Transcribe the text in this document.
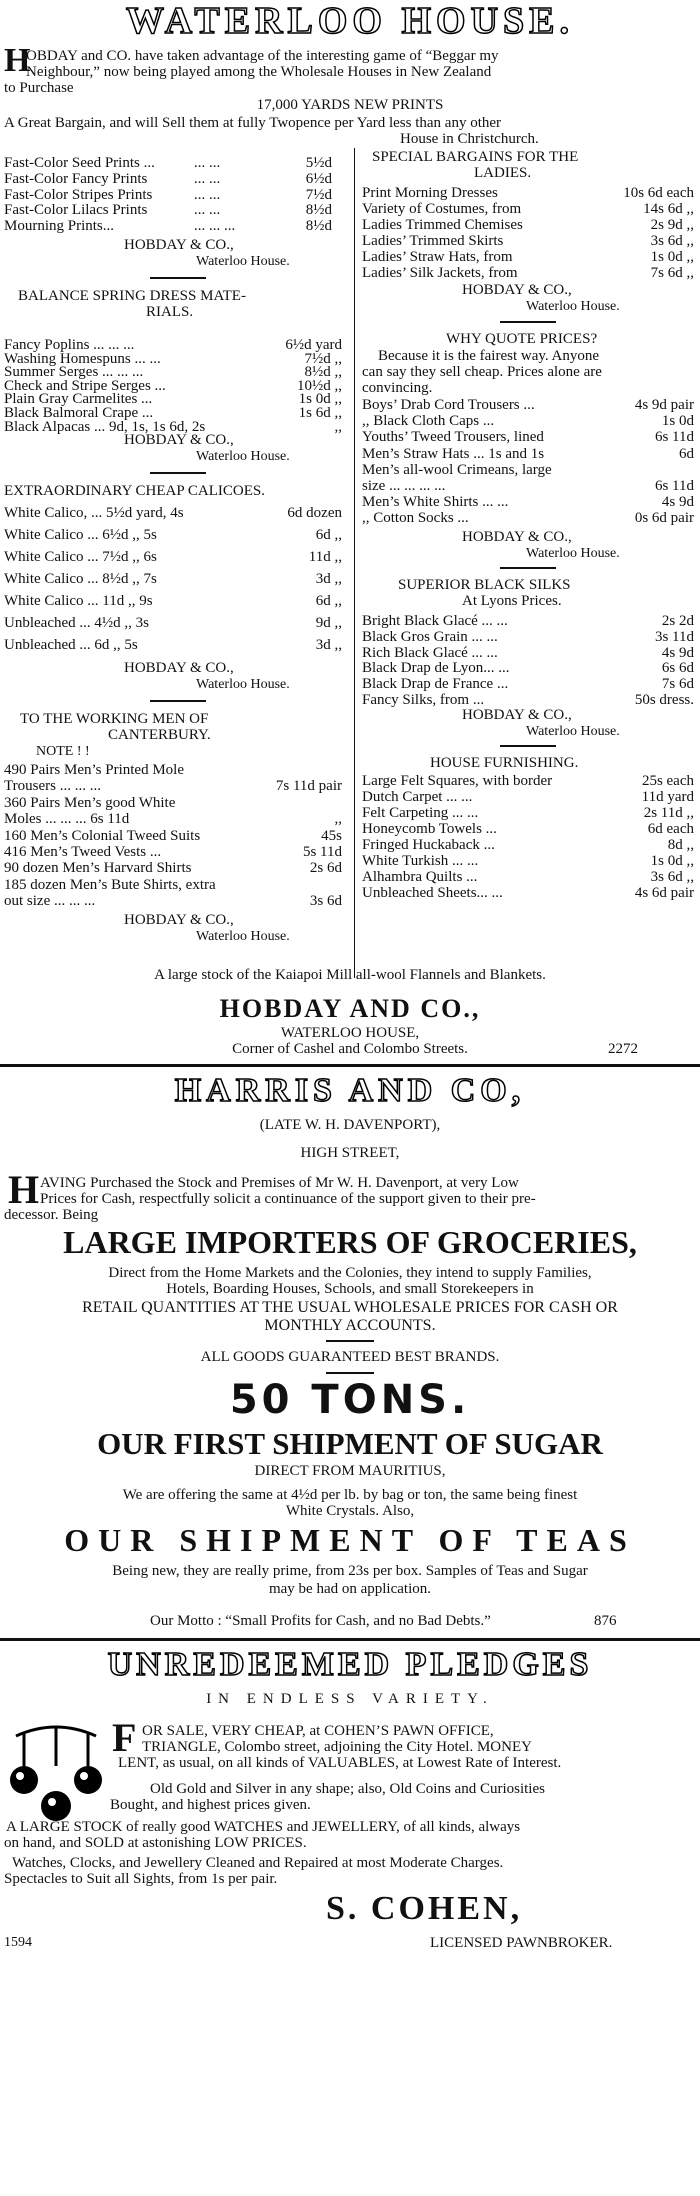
WATERLOO HOUSE.
H
OBDAY and CO. have taken advantage of the interesting game of “Beggar my
Neighbour,” now being played among the Wholesale Houses in New Zealand
to Purchase
17,000 YARDS NEW PRINTS
A Great Bargain, and will Sell them at fully Twopence per Yard less than any other
House in Christchurch.
Fast-Color Seed Prints ...	... ...	5½d
Fast-Color Fancy Prints	... ...	6½d
Fast-Color Stripes Prints	... ...	7½d
Fast-Color Lilacs Prints	... ...	8½d
Mourning Prints...	... ... ...	8½d
HOBDAY & CO.,
Waterloo House.
BALANCE SPRING DRESS MATE-
RIALS.
Fancy Poplins ... ... ...	6½d yard
Washing Homespuns ... ...	7½d ,,
Summer Serges ... ... ...	8½d ,,
Check and Stripe Serges ...	10½d ,,
Plain Gray Carmelites ...	1s 0d ,,
Black Balmoral Crape ...	1s 6d ,,
Black Alpacas ... 9d, 1s, 1s 6d, 2s	,,
HOBDAY & CO.,
Waterloo House.
EXTRAORDINARY CHEAP CALICOES.
White Calico, ... 5½d yard, 4s	6d dozen
White Calico ... 6½d ,, 5s	6d ,,
White Calico ... 7½d ,, 6s	11d ,,
White Calico ... 8½d ,, 7s	3d ,,
White Calico ... 11d ,, 9s	6d ,,
Unbleached ... 4½d ,, 3s	9d ,,
Unbleached ... 6d ,, 5s	3d ,,
HOBDAY & CO.,
Waterloo House.
TO THE WORKING MEN OF
CANTERBURY.
NOTE ! !
490 Pairs Men’s Printed Mole
Trousers ... ... ...	7s 11d pair
360 Pairs Men’s good White
Moles ... ... ... 6s 11d	,,
160 Men’s Colonial Tweed Suits	45s
416 Men’s Tweed Vests ...	5s 11d
90 dozen Men’s Harvard Shirts	2s 6d
185 dozen Men’s Bute Shirts, extra
out size ... ... ...	3s 6d
HOBDAY & CO.,
Waterloo House.
SPECIAL BARGAINS FOR THE
LADIES.
Print Morning Dresses	10s 6d each
Variety of Costumes, from	14s 6d ,,
Ladies Trimmed Chemises	2s 9d ,,
Ladies’ Trimmed Skirts	3s 6d ,,
Ladies’ Straw Hats, from	1s 0d ,,
Ladies’ Silk Jackets, from	7s 6d ,,
HOBDAY & CO.,
Waterloo House.
WHY QUOTE PRICES?
Because it is the fairest way. Anyone
can say they sell cheap. Prices alone are
convincing.
Boys’ Drab Cord Trousers ...	4s 9d pair
,, Black Cloth Caps ...	1s 0d
Youths’ Tweed Trousers, lined	6s 11d
Men’s Straw Hats ... 1s and 1s	6d
Men’s all-wool Crimeans, large
size ... ... ... ...	6s 11d
Men’s White Shirts ... ...	4s 9d
,, Cotton Socks ...	0s 6d pair
HOBDAY & CO.,
Waterloo House.
SUPERIOR BLACK SILKS
At Lyons Prices.
Bright Black Glacé ... ...	2s 2d
Black Gros Grain ... ...	3s 11d
Rich Black Glacé ... ...	4s 9d
Black Drap de Lyon... ...	6s 6d
Black Drap de France ...	7s 6d
Fancy Silks, from ...	50s dress.
HOBDAY & CO.,
Waterloo House.
HOUSE FURNISHING.
Large Felt Squares, with border	25s each
Dutch Carpet ... ...	11d yard
Felt Carpeting ... ...	2s 11d ,,
Honeycomb Towels ...	6d each
Fringed Huckaback ...	8d ,,
White Turkish ... ...	1s 0d ,,
Alhambra Quilts ...	3s 6d ,,
Unbleached Sheets... ...	4s 6d pair
A large stock of the Kaiapoi Mill all-wool Flannels and Blankets.
HOBDAY AND CO.,
WATERLOO HOUSE,
Corner of Cashel and Colombo Streets.	2272
HARRIS AND CO,
(LATE W. H. DAVENPORT),
HIGH STREET,
H AVING Purchased the Stock and Premises of Mr W. H. Davenport, at very Low
Prices for Cash, respectfully solicit a continuance of the support given to their pre-
decessor. Being
LARGE IMPORTERS OF GROCERIES,
Direct from the Home Markets and the Colonies, they intend to supply Families,
Hotels, Boarding Houses, Schools, and small Storekeepers in
RETAIL QUANTITIES AT THE USUAL WHOLESALE PRICES FOR CASH OR
MONTHLY ACCOUNTS.
ALL GOODS GUARANTEED BEST BRANDS.
50 TONS.
OUR FIRST SHIPMENT OF SUGAR
DIRECT FROM MAURITIUS,
We are offering the same at 4½d per lb. by bag or ton, the same being finest
White Crystals. Also,
OUR SHIPMENT OF TEAS
Being new, they are really prime, from 23s per box. Samples of Teas and Sugar
may be had on application.
Our Motto : “Small Profits for Cash, and no Bad Debts.”	876
UNREDEEMED PLEDGES
IN ENDLESS VARIETY.
F OR SALE, VERY CHEAP, at COHEN’S PAWN OFFICE,
TRIANGLE, Colombo street, adjoining the City Hotel. MONEY
LENT, as usual, on all kinds of VALUABLES, at Lowest Rate of Interest.
Old Gold and Silver in any shape; also, Old Coins and Curiosities
Bought, and highest prices given.
A LARGE STOCK of really good WATCHES and JEWELLERY, of all kinds, always
on hand, and SOLD at astonishing LOW PRICES.
Watches, Clocks, and Jewellery Cleaned and Repaired at most Moderate Charges.
Spectacles to Suit all Sights, from 1s per pair.
S. COHEN,
1594	LICENSED PAWNBROKER.
